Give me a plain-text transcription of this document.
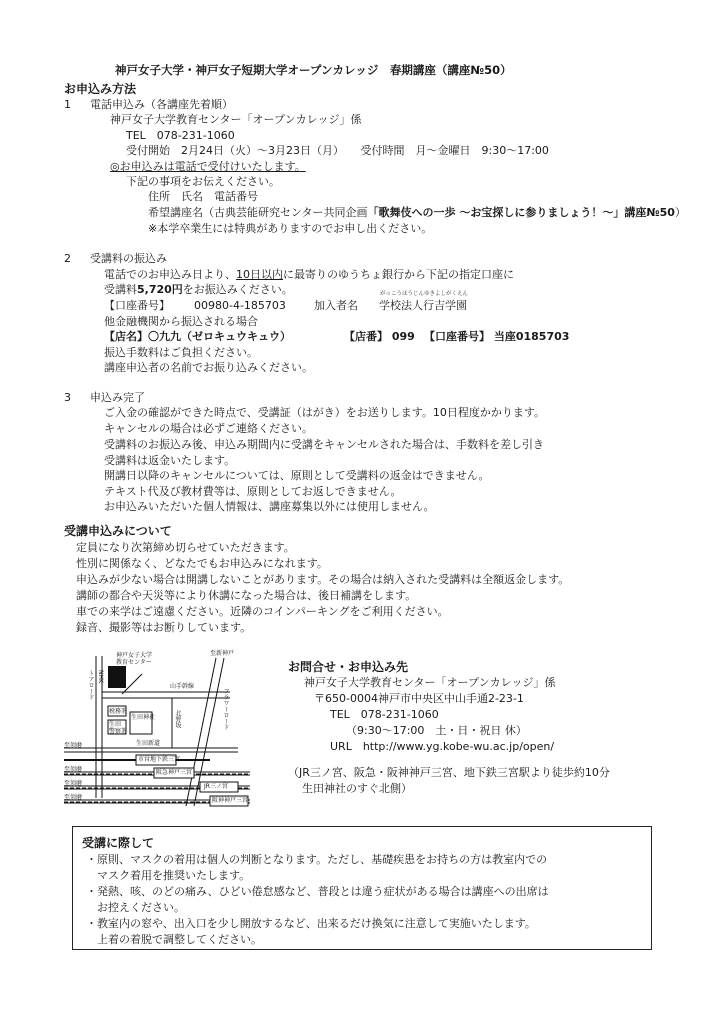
神戸女子大学・神戸女子短期大学オープンカレッジ　春期講座（講座№50）
お申込み方法
1 電話申込み（各講座先着順）
神戸女子大学教育センター「オープンカレッジ」係
TEL　078-231-1060
受付開始　2月24日（火）～3月23日（月）　　受付時間　月～金曜日　9:30～17:00
◎お申込みは電話で受付けいたします。
下記の事項をお伝えください。
住所　氏名　電話番号
希望講座名（古典芸能研究センター共同企画「歌舞伎への一歩 ～お宝探しに参りましょう！～」講座№50）
※本学卒業生には特典がありますのでお申し出ください。
2 受講料の振込み
電話でのお申込み日より、10日以内に最寄りのゆうちょ銀行から下記の指定口座に
受講料5,720円をお振込みください。
【口座番号】 00980-4-185703	加入者名
がっこうほうじんゆきよしがくえん
学校法人行吉学園
他金融機関から振込される場合
【店名】〇九九（ゼロキュウキュウ）	【店番】 099 【口座番号】 当座0185703
振込手数料はご負担ください。
講座申込者の名前でお振り込みください。
3 申込み完了
ご入金の確認ができた時点で、受講証（はがき）をお送りします。10日程度かかります。
キャンセルの場合は必ずご連絡ください。
受講料のお振込み後、申込み期間内に受講をキャンセルされた場合は、手数料を差し引き
受講料は返金いたします。
開講日以降のキャンセルについては、原則として受講料の返金はできません。
テキスト代及び教材費等は、原則としてお返しできません。
お申込みいただいた個人情報は、講座募集以外には使用しません。
受講申込みについて
定員になり次第締め切らせていただきます。
性別に関係なく、どなたでもお申込みになれます。
申込みが少ない場合は開講しないことがあります。その場合は納入された受講料は全額返金します。
講師の都合や天災等により休講になった場合は、後日補講をします。
車での来学はご遠慮ください。近隣のコインパーキングをご利用ください。
録音、撮影等はお断りしています。
神戸女子大学
教育センター
NHK
トアロード
至新神戸
山手幹線
税務署
生田
警察署
生田神社	北野坂	フラワーロード
生田新道
至須磨
至須磨
至須磨
至須磨
市営地下鉄三宮
阪急神戸三宮
JR三ノ宮
阪神神戸三宮
お問合せ・お申込み先
神戸女子大学教育センター「オープンカレッジ」係
〒650-0004神戸市中央区中山手通2-23-1
TEL　078-231-1060
（9:30～17:00　土・日・祝日 休）
URL　http://www.yg.kobe-wu.ac.jp/open/
（JR三ノ宮、阪急・阪神神戸三宮、地下鉄三宮駅より徒歩約10分
生田神社のすぐ北側）
受講に際して
・原則、マスクの着用は個人の判断となります。ただし、基礎疾患をお持ちの方は教室内での
　マスク着用を推奨いたします。
・発熱、咳、のどの痛み、ひどい倦怠感など、普段とは違う症状がある場合は講座への出席は
　お控えください。
・教室内の窓や、出入口を少し開放するなど、出来るだけ換気に注意して実施いたします。
　上着の着脱で調整してください。
